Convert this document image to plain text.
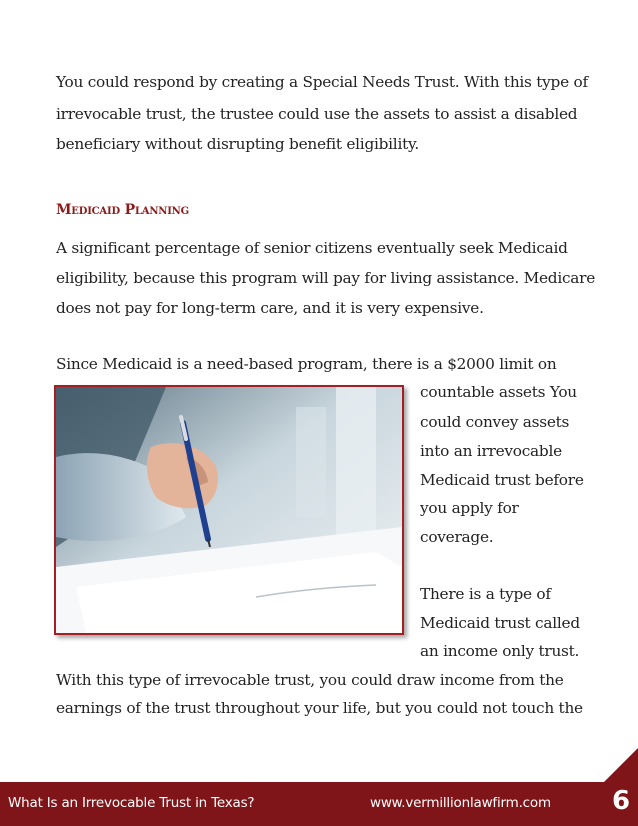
You could respond by creating a Special Needs Trust. With this type of
irrevocable trust, the trustee could use the assets to assist a disabled
beneficiary without disrupting benefit eligibility.
Medicaid Planning
A significant percentage of senior citizens eventually seek Medicaid
eligibility, because this program will pay for living assistance. Medicare
does not pay for long-term care, and it is very expensive.
Since Medicaid is a need-based program, there is a $2000 limit on
countable assets You
could convey assets
into an irrevocable
Medicaid trust before
you apply for
coverage.
There is a type of
Medicaid trust called
an income only trust.
With this type of irrevocable trust, you could draw income from the
earnings of the trust throughout your life, but you could not touch the
What Is an Irrevocable Trust in Texas?	www.vermillionlawfirm.com 6
